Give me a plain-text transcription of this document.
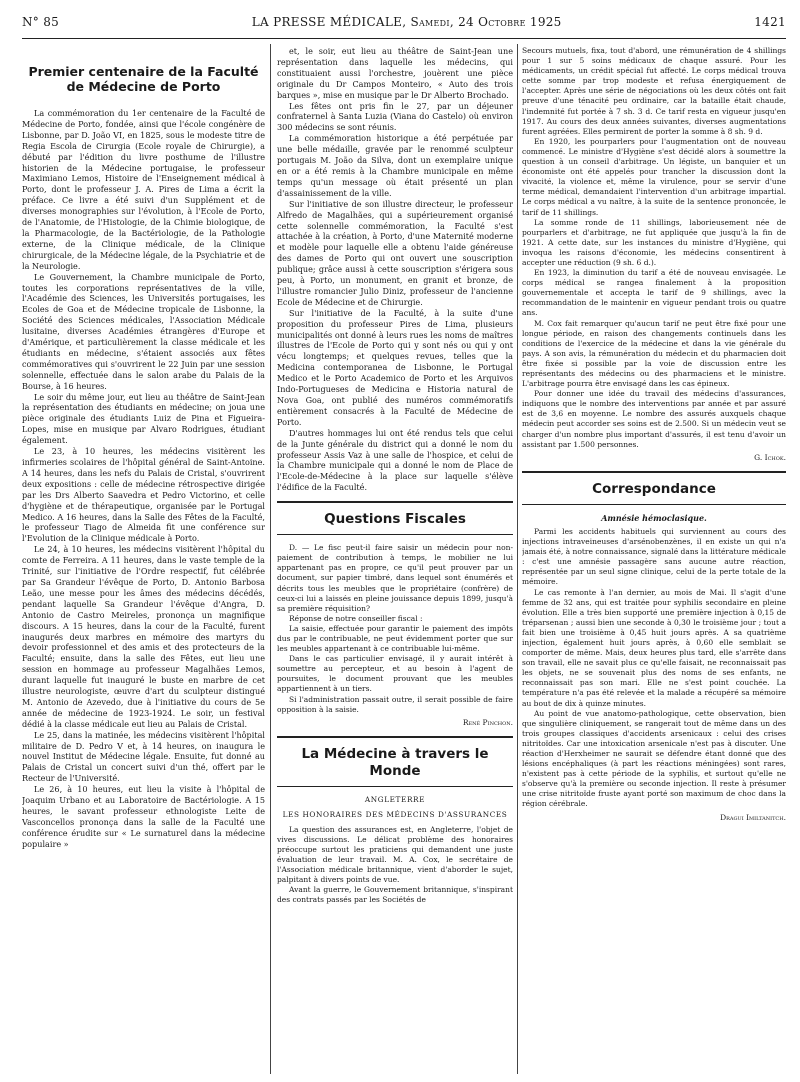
N° 85	LA PRESSE MÉDICALE, Samedi, 24 Octobre 1925	1421
Premier centenaire de la Faculté de Médecine de Porto

La commémoration du 1er centenaire de la Faculté de Médecine de Porto, fondée, ainsi que l'école congénère de Lisbonne, par D. João VI, en 1825, sous le modeste titre de Regia Escola de Cirurgia (Ecole royale de Chirurgie), a débuté par l'édition du livre posthume de l'illustre historien de la Médecine portugaise, le professeur Maximiano Lemos, Histoire de l'Enseignement médical à Porto, dont le professeur J. A. Pires de Lima a écrit la préface. Ce livre a été suivi d'un Supplément et de diverses monographies sur l'évolution, à l'Ecole de Porto, de l'Anatomie, de l'Histologie, de la Chimie biologique, de la Pharmacologie, de la Bactériologie, de la Pathologie externe, de la Clinique médicale, de la Clinique chirurgicale, de la Médecine légale, de la Psychiatrie et de la Neurologie.

Le Gouvernement, la Chambre municipale de Porto, toutes les corporations représentatives de la ville, l'Académie des Sciences, les Universités portugaises, les Ecoles de Goa et de Médecine tropicale de Lisbonne, la Société des Sciences médicales, l'Association Médicale lusitaine, diverses Académies étrangères d'Europe et d'Amérique, et particulièrement la classe médicale et les étudiants en médecine, s'étaient associés aux fêtes commémoratives qui s'ouvrirent le 22 Juin par une session solennelle, effectuée dans le salon arabe du Palais de la Bourse, à 16 heures.

Le soir du même jour, eut lieu au théâtre de Saint-Jean la représentation des étudiants en médecine; on joua une pièce originale des étudiants Luiz de Pina et Figueira-Lopes, mise en musique par Alvaro Rodrigues, étudiant également.

Le 23, à 10 heures, les médecins visitèrent les infirmeries scolaires de l'hôpital général de Saint-Antoine. A 14 heures, dans les nefs du Palais de Cristal, s'ouvrirent deux expositions : celle de médecine rétrospective dirigée par les Drs Alberto Saavedra et Pedro Victorino, et celle d'hygiène et de thérapeutique, organisée par le Portugal Medico. A 16 heures, dans la Salle des Fêtes de la Faculté, le professeur Tiago de Almeida fit une conférence sur l'Evolution de la Clinique médicale à Porto.

Le 24, à 10 heures, les médecins visitèrent l'hôpital du comte de Ferreira. A 11 heures, dans le vaste temple de la Trinité, sur l'initiative de l'Ordre respectif, fut célébrée par Sa Grandeur l'évêque de Porto, D. Antonio Barbosa Leão, une messe pour les âmes des médecins décédés, pendant laquelle Sa Grandeur l'évêque d'Angra, D. Antonio de Castro Meireles, prononça un magnifique discours. A 15 heures, dans la cour de la Faculté, furent inaugurés deux marbres en mémoire des martyrs du devoir professionnel et des amis et des protecteurs de la Faculté; ensuite, dans la salle des Fêtes, eut lieu une session en hommage au professeur Magalhães Lemos, durant laquelle fut inauguré le buste en marbre de cet illustre neurologiste, œuvre d'art du sculpteur distingué M. Antonio de Azevedo, due à l'initiative du cours de 5e année de médecine de 1923-1924. Le soir, un festival dédié à la classe médicale eut lieu au Palais de Cristal.

Le 25, dans la matinée, les médecins visitèrent l'hôpital militaire de D. Pedro V et, à 14 heures, on inaugura le nouvel Institut de Médecine légale. Ensuite, fut donné au Palais de Cristal un concert suivi d'un thé, offert par le Recteur de l'Université.

Le 26, à 10 heures, eut lieu la visite à l'hôpital de Joaquim Urbano et au Laboratoire de Bactériologie. A 15 heures, le savant professeur ethnologiste Leite de Vasconcellos prononça dans la salle de la Faculté une conférence érudite sur « Le surnaturel dans la médecine populaire »

et, le soir, eut lieu au théâtre de Saint-Jean une représentation dans laquelle les médecins, qui constituaient aussi l'orchestre, jouèrent une pièce originale du Dr Campos Monteiro, « Auto des trois barques », mise en musique par le Dr Alberto Brochado.

Les fêtes ont pris fin le 27, par un déjeuner confraternel à Santa Luzia (Viana do Castelo) où environ 300 médecins se sont réunis.

La commémoration historique a été perpétuée par une belle médaille, gravée par le renommé sculpteur portugais M. João da Silva, dont un exemplaire unique en or a été remis à la Chambre municipale en même temps qu'un message où était présenté un plan d'assainissement de la ville.

Sur l'initiative de son illustre directeur, le professeur Alfredo de Magalhães, qui a supérieurement organisé cette solennelle commémoration, la Faculté s'est attachée à la création, à Porto, d'une Maternité moderne et modèle pour laquelle elle a obtenu l'aide généreuse des dames de Porto qui ont ouvert une souscription publique; grâce aussi à cette souscription s'érigera sous peu, à Porto, un monument, en granit et bronze, de l'illustre romancier Julio Diniz, professeur de l'ancienne Ecole de Médecine et de Chirurgie.

Sur l'initiative de la Faculté, à la suite d'une proposition du professeur Pires de Lima, plusieurs municipalités ont donné à leurs rues les noms de maîtres illustres de l'Ecole de Porto qui y sont nés ou qui y ont vécu longtemps; et quelques revues, telles que la Medicina contemporanea de Lisbonne, le Portugal Medico et le Porto Academico de Porto et les Arquivos Indo-Portugueses de Medicina e Historia natural de Nova Goa, ont publié des numéros commémoratifs entièrement consacrés à la Faculté de Médecine de Porto.

D'autres hommages lui ont été rendus tels que celui de la Junte générale du district qui a donné le nom du professeur Assis Vaz à une salle de l'hospice, et celui de la Chambre municipale qui a donné le nom de Place de l'Ecole-de-Médecine à la place sur laquelle s'élève l'édifice de la Faculté.

Questions Fiscales

D. — Le fisc peut-il faire saisir un médecin pour non-paiement de contribution à temps, le mobilier ne lui appartenant pas en propre, ce qu'il peut prouver par un document, sur papier timbré, dans lequel sont énumérés et décrits tous les meubles que le propriétaire (confrère) de ceux-ci lui a laissés en pleine jouissance depuis 1899, jusqu'à sa première réquisition?

Réponse de notre conseiller fiscal :

La saisie, effectuée pour garantir le paiement des impôts dus par le contribuable, ne peut évidemment porter que sur les meubles appartenant à ce contribuable lui-même.

Dans le cas particulier envisagé, il y aurait intérêt à soumettre au percepteur, et au besoin à l'agent de poursuites, le document prouvant que les meubles appartiennent à un tiers.

Si l'administration passait outre, il serait possible de faire opposition à la saisie.

René Pinchon.
La Médecine à travers le Monde
ANGLETERRE
LES HONORAIRES DES MÉDECINS D'ASSURANCES

La question des assurances est, en Angleterre, l'objet de vives discussions. Le délicat problème des honoraires préoccupe surtout les praticiens qui demandent une juste évaluation de leur travail. M. A. Cox, le secrétaire de l'Association médicale britannique, vient d'aborder le sujet, palpitant à divers points de vue.

Avant la guerre, le Gouvernement britannique, s'inspirant des contrats passés par les Sociétés de

Secours mutuels, fixa, tout d'abord, une rémunération de 4 shillings pour 1 sur 5 soins médicaux de chaque assuré. Pour les médicaments, un crédit spécial fut affecté. Le corps médical trouva cette somme par trop modeste et refusa énergiquement de l'accepter. Après une série de négociations où les deux côtés ont fait preuve d'une ténacité peu ordinaire, car la bataille était chaude, l'indemnité fut portée à 7 sh. 3 d. Ce tarif resta en vigueur jusqu'en 1917. Au cours des deux années suivantes, diverses augmentations furent agréées. Elles permirent de porter la somme à 8 sh. 9 d.

En 1920, les pourparlers pour l'augmentation ont de nouveau commencé. Le ministre d'Hygiène s'est décidé alors à soumettre la question à un conseil d'arbitrage. Un légiste, un banquier et un économiste ont été appelés pour trancher la discussion dont la vivacité, la violence et, même la virulence, pour se servir d'une terme médical, demandaient l'intervention d'un arbitrage impartial. Le corps médical a vu naître, à la suite de la sentence prononcée, le tarif de 11 shillings.

La somme ronde de 11 shillings, laborieusement née de pourparlers et d'arbitrage, ne fut appliquée que jusqu'à la fin de 1921. A cette date, sur les instances du ministre d'Hygiène, qui invoqua les raisons d'économie, les médecins consentirent à accepter une réduction (9 sh. 6 d.).

En 1923, la diminution du tarif a été de nouveau envisagée. Le corps médical se rangea finalement à la proposition gouvernementale et accepta le tarif de 9 shillings, avec la recommandation de le maintenir en vigueur pendant trois ou quatre ans.

M. Cox fait remarquer qu'aucun tarif ne peut être fixé pour une longue période, en raison des changements continuels dans les conditions de l'exercice de la médecine et dans la vie générale du pays. A son avis, la rémunération du médecin et du pharmacien doit être fixée si possible par la voie de discussion entre les représentants des médecins ou des pharmaciens et le ministre. L'arbitrage pourra être envisagé dans les cas épineux.

Pour donner une idée du travail des médecins d'assurances, indiquons que le nombre des interventions par année et par assuré est de 3,6 en moyenne. Le nombre des assurés auxquels chaque médecin peut accorder ses soins est de 2.500. Si un médecin veut se charger d'un nombre plus important d'assurés, il est tenu d'avoir un assistant par 1.500 personnes.

G. Ichok.
Correspondance
Amnésie hémoclasique.

Parmi les accidents habituels qui surviennent au cours des injections intraveineuses d'arsénobenzènes, il en existe un qui n'a jamais été, à notre connaissance, signalé dans la littérature médicale : c'est une amnésie passagère sans aucune autre réaction, représentée par un seul signe clinique, celui de la perte totale de la mémoire.

Le cas remonte à l'an dernier, au mois de Mai. Il s'agit d'une femme de 32 ans, qui est traitée pour syphilis secondaire en pleine évolution. Elle a très bien supporté une première injection à 0,15 de tréparsenan ; aussi bien une seconde à 0,30 le troisième jour ; tout a fait bien une troisième à 0,45 huit jours après. A sa quatrième injection, également huit jours après, à 0,60 elle semblait se comporter de même. Mais, deux heures plus tard, elle s'arrête dans son travail, elle ne savait plus ce qu'elle faisait, ne reconnaissait pas les objets, ne se souvenait plus des noms de ses enfants, ne reconnaissait pas son mari. Elle ne s'est point couchée. La température n'a pas été relevée et la malade a récupéré sa mémoire au bout de dix à quinze minutes.

Au point de vue anatomo-pathologique, cette observation, bien que singulière cliniquement, se rangerait tout de même dans un des trois groupes classiques d'accidents arsenicaux : celui des crises nitritoïdes. Car une intoxication arsenicale n'est pas à discuter. Une réaction d'Herxheimer ne saurait se défendre étant donné que des lésions encéphaliques (à part les réactions méningées) sont rares, n'existent pas à cette période de la syphilis, et surtout qu'elle ne s'observe qu'à la première ou seconde injection. Il reste à présumer une crise nitritoïde fruste ayant porté son maximum de choc dans la région cérébrale.

Dragui Imiltanitch.
